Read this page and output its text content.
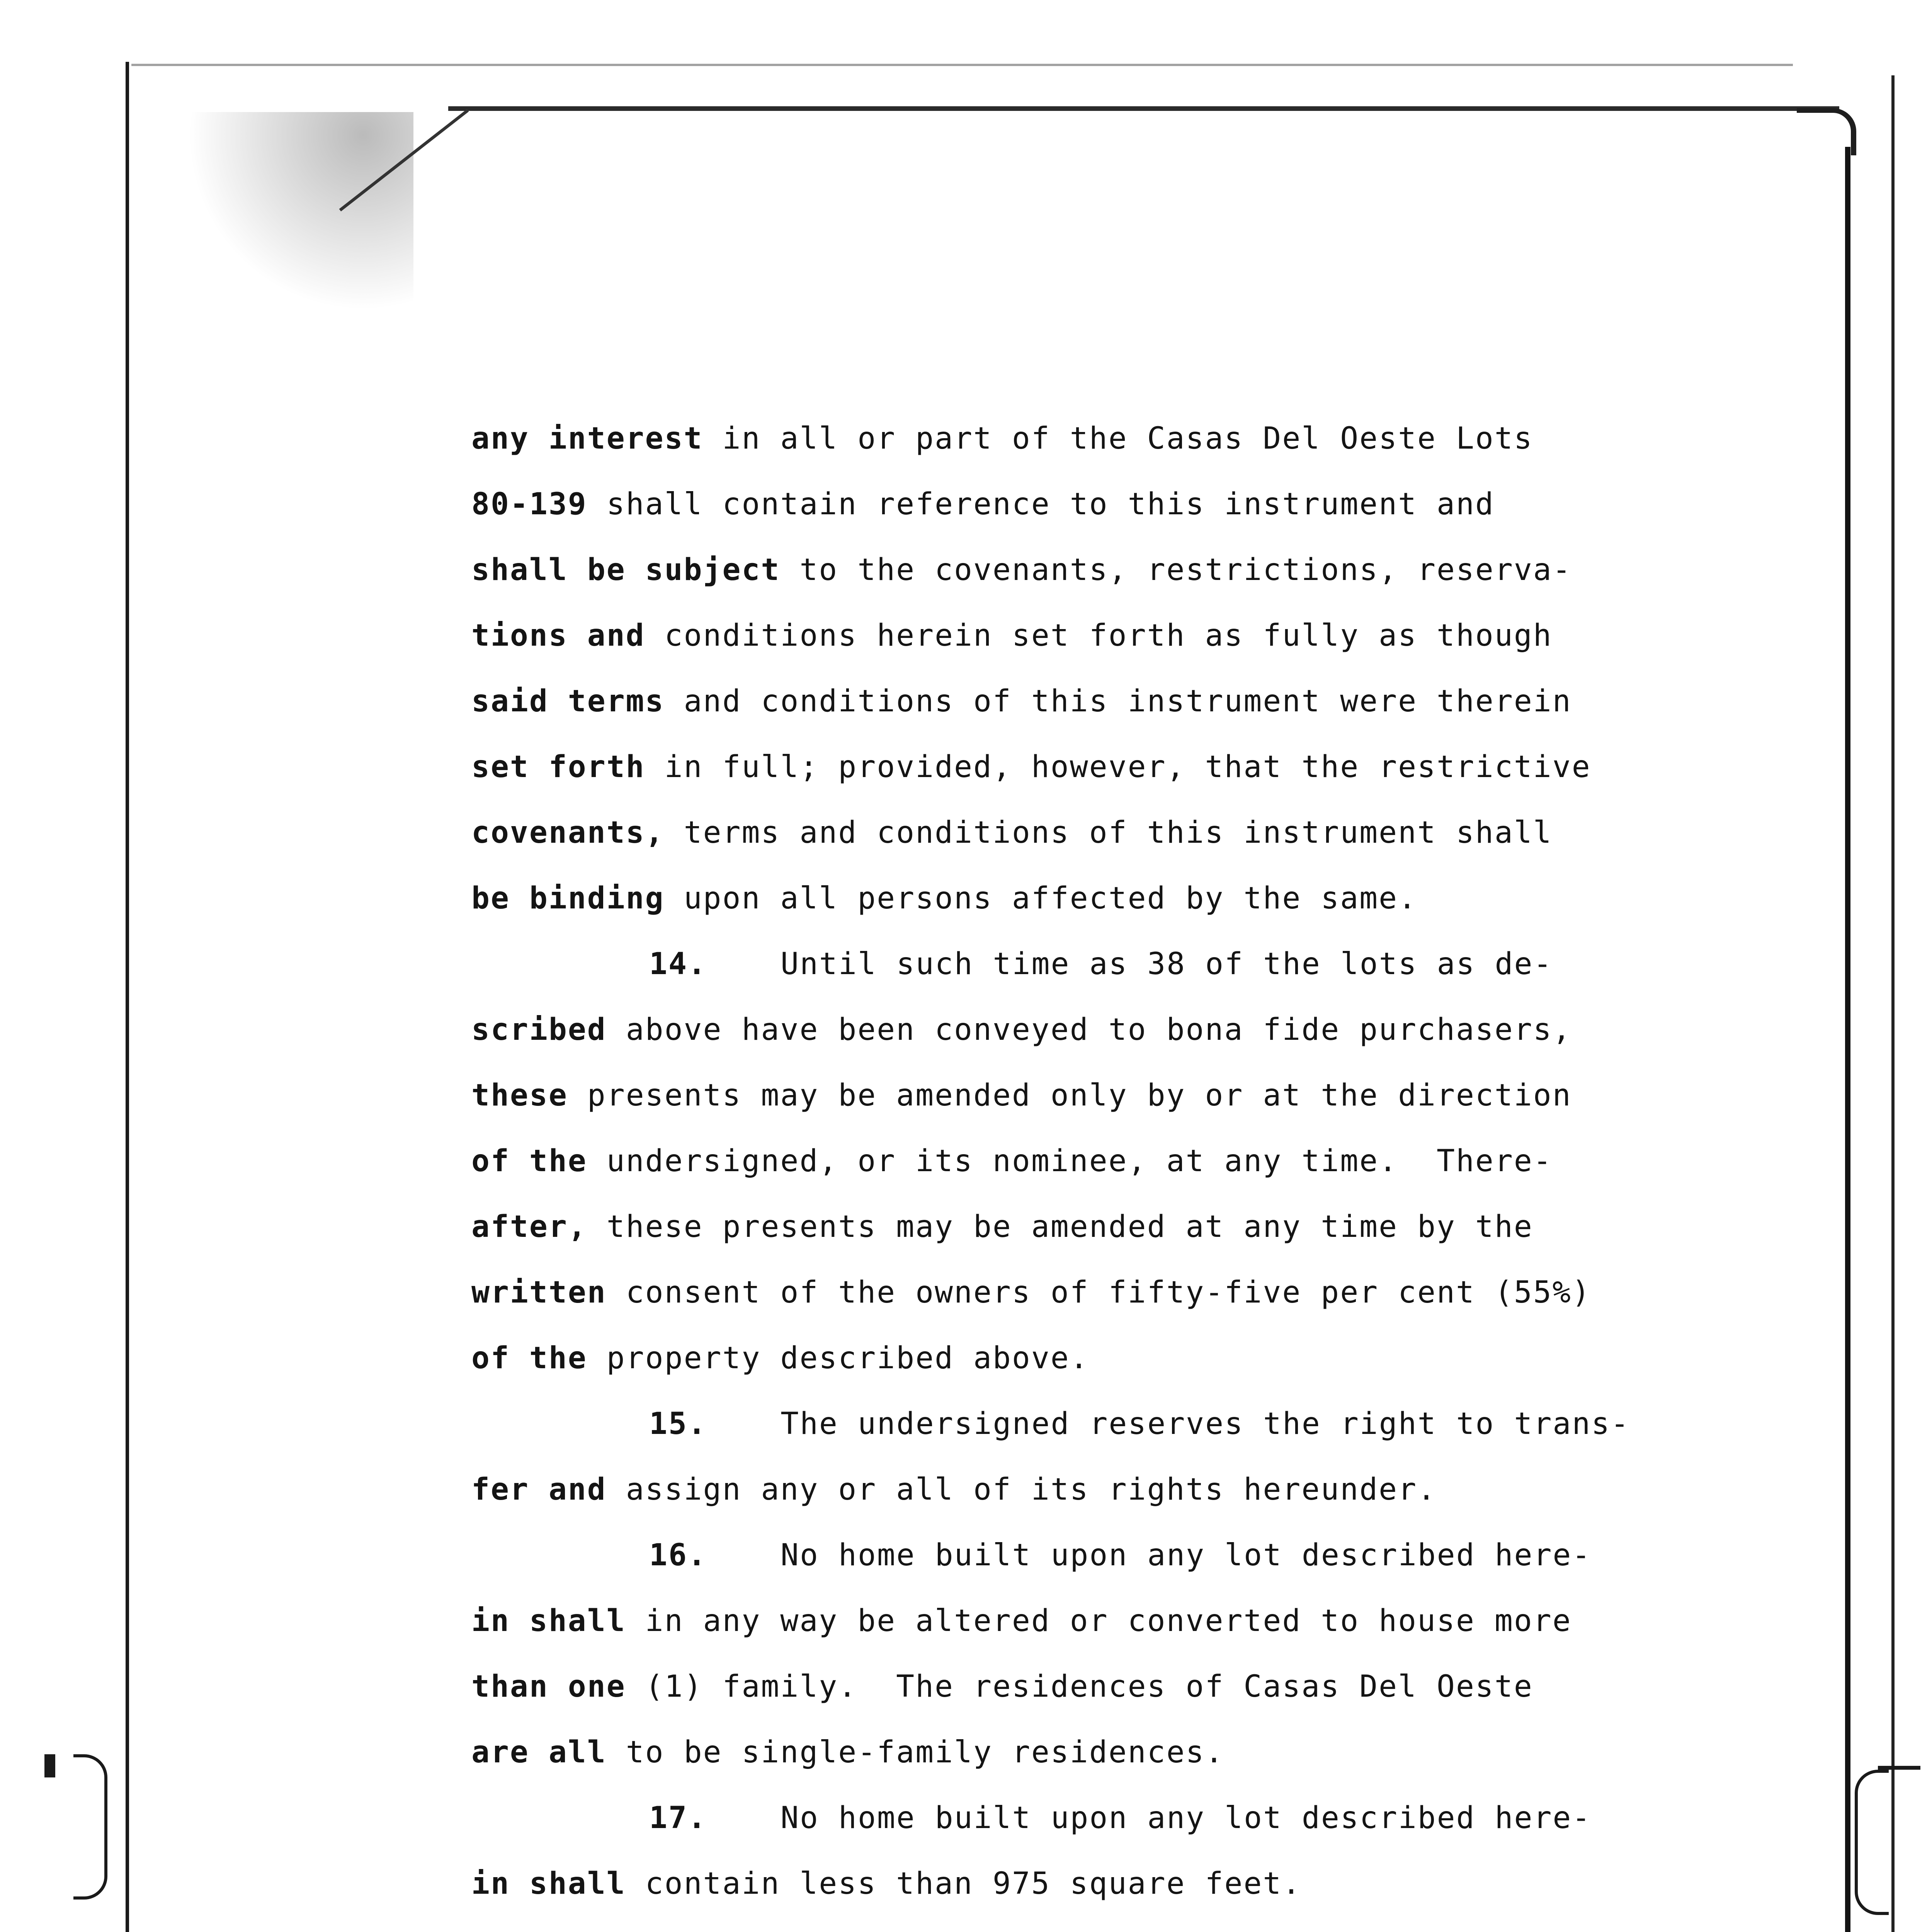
any interest in all or part of the Casas Del Oeste Lots
80-139 shall contain reference to this instrument and
shall be subject to the covenants, restrictions, reserva-
tions and conditions herein set forth as fully as though
said terms and conditions of this instrument were therein
set forth in full; provided, however, that the restrictive
covenants, terms and conditions of this instrument shall
be binding upon all persons affected by the same.
14. Until such time as 38 of the lots as de-
scribed above have been conveyed to bona fide purchasers,
these presents may be amended only by or at the direction
of the undersigned, or its nominee, at any time.  There-
after, these presents may be amended at any time by the
written consent of the owners of fifty-five per cent (55%)
of the property described above.
15. The undersigned reserves the right to trans-
fer and assign any or all of its rights hereunder.
16. No home built upon any lot described here-
in shall in any way be altered or converted to house more
than one (1) family.  The residences of Casas Del Oeste
are all to be single-family residences.
17. No home built upon any lot described here-
in shall contain less than 975 square feet.
